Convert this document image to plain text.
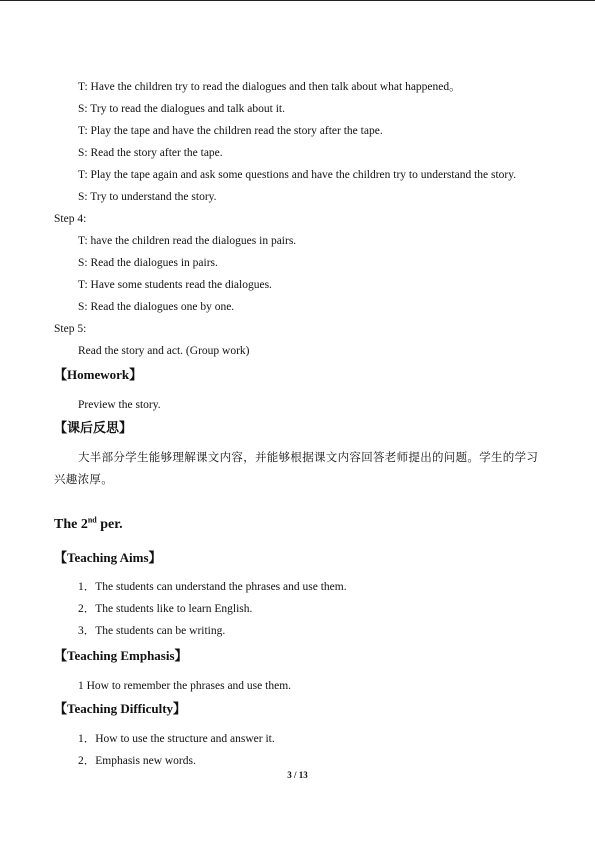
T: Have the children try to read the dialogues and then talk about what happened。
S: Try to read the dialogues and talk about it.
T: Play the tape and have the children read the story after the tape.
S: Read the story after the tape.
T: Play the tape again and ask some questions and have the children try to understand the story.
S: Try to understand the story.
Step 4:
T: have the children read the dialogues in pairs.
S: Read the dialogues in pairs.
T: Have some students read the dialogues.
S: Read the dialogues one by one.
Step 5:
Read the story and act. (Group work)
【Homework】
Preview the story.
【课后反思】
大半部分学生能够理解课文内容，并能够根据课文内容回答老师提出的问题。学生的学习兴趣浓厚。
The 2nd per.
【Teaching Aims】
1．The students can understand the phrases and use them.
2．The students like to learn English.
3．The students can be writing.
【Teaching Emphasis】
1 How to remember the phrases and use them.
【Teaching Difficulty】
1．How to use the structure and answer it.
2．Emphasis new words.
3 / 13
